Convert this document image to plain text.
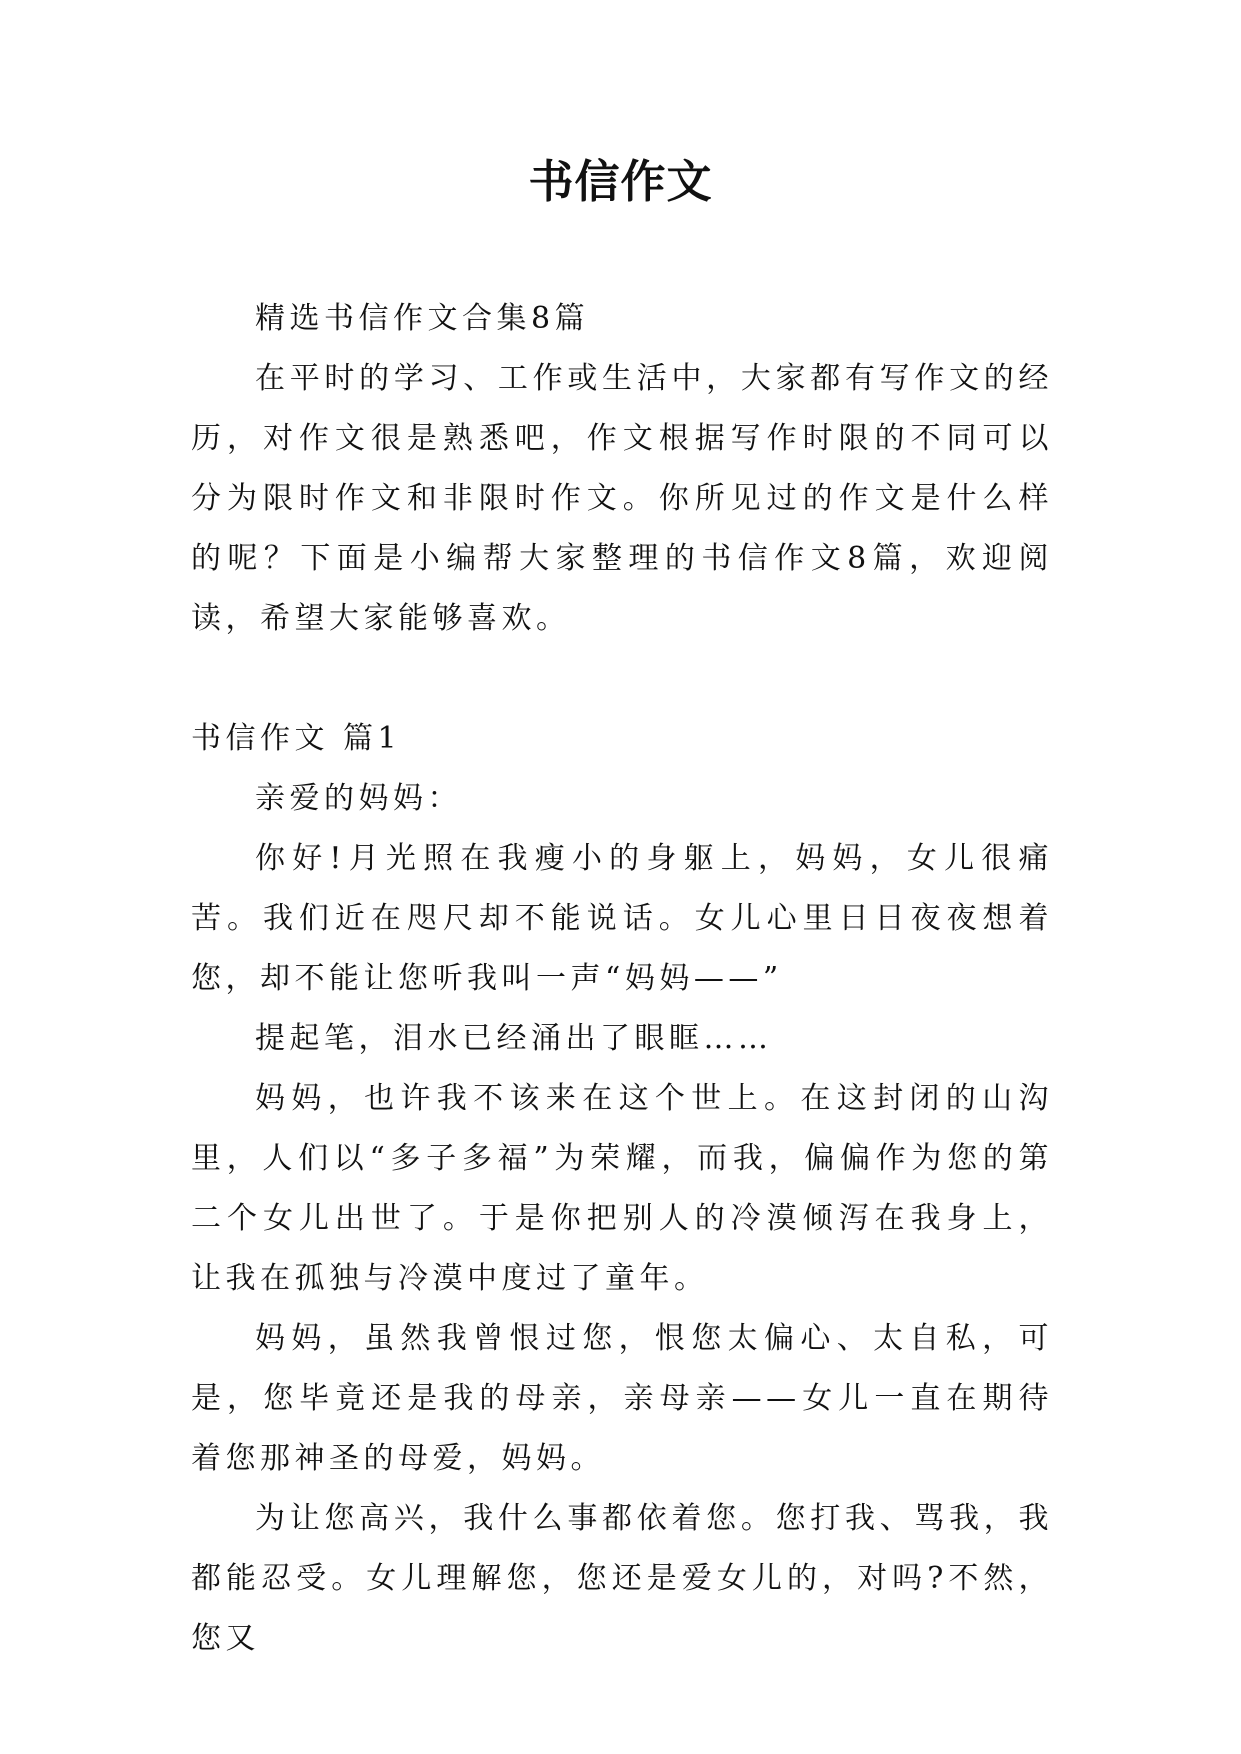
书信作文

精选书信作文合集8篇

在平时的学习、工作或生活中，大家都有写作文的经历，对作文很是熟悉吧，作文根据写作时限的不同可以分为限时作文和非限时作文。你所见过的作文是什么样的呢？下面是小编帮大家整理的书信作文8篇，欢迎阅读，希望大家能够喜欢。

书信作文 篇1

亲爱的妈妈：

你好!月光照在我瘦小的身躯上，妈妈，女儿很痛苦。我们近在咫尺却不能说话。女儿心里日日夜夜想着您，却不能让您听我叫一声“妈妈——”

提起笔，泪水已经涌出了眼眶……

妈妈，也许我不该来在这个世上。在这封闭的山沟里，人们以“多子多福”为荣耀，而我，偏偏作为您的第二个女儿出世了。于是你把别人的冷漠倾泻在我身上，让我在孤独与冷漠中度过了童年。

妈妈，虽然我曾恨过您，恨您太偏心、太自私，可是，您毕竟还是我的母亲，亲母亲——女儿一直在期待着您那神圣的母爱，妈妈。

为让您高兴，我什么事都依着您。您打我、骂我，我都能忍受。女儿理解您，您还是爱女儿的，对吗?不然，您又
